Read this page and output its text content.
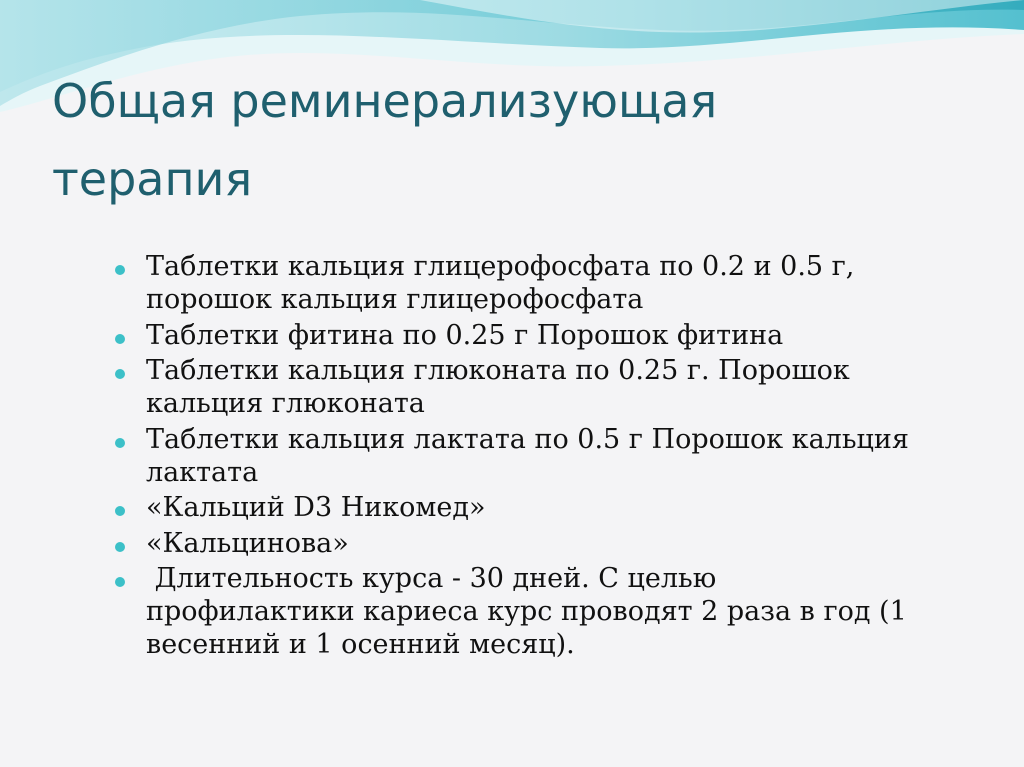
Общая реминерализующая
терапия
Таблетки кальция глицерофосфата по 0.2 и 0.5 г,
порошок кальция глицерофосфата
Таблетки фитина по 0.25 г Порошок фитина
Таблетки кальция глюконата по 0.25 г. Порошок
кальция глюконата
Таблетки кальция лактата по 0.5 г Порошок кальция
лактата
«Кальций D3 Никомед»
«Кальцинова»
Длительность курса - 30 дней. С целью
профилактики кариеса курс проводят 2 раза в год (1
весенний и 1 осенний месяц).
